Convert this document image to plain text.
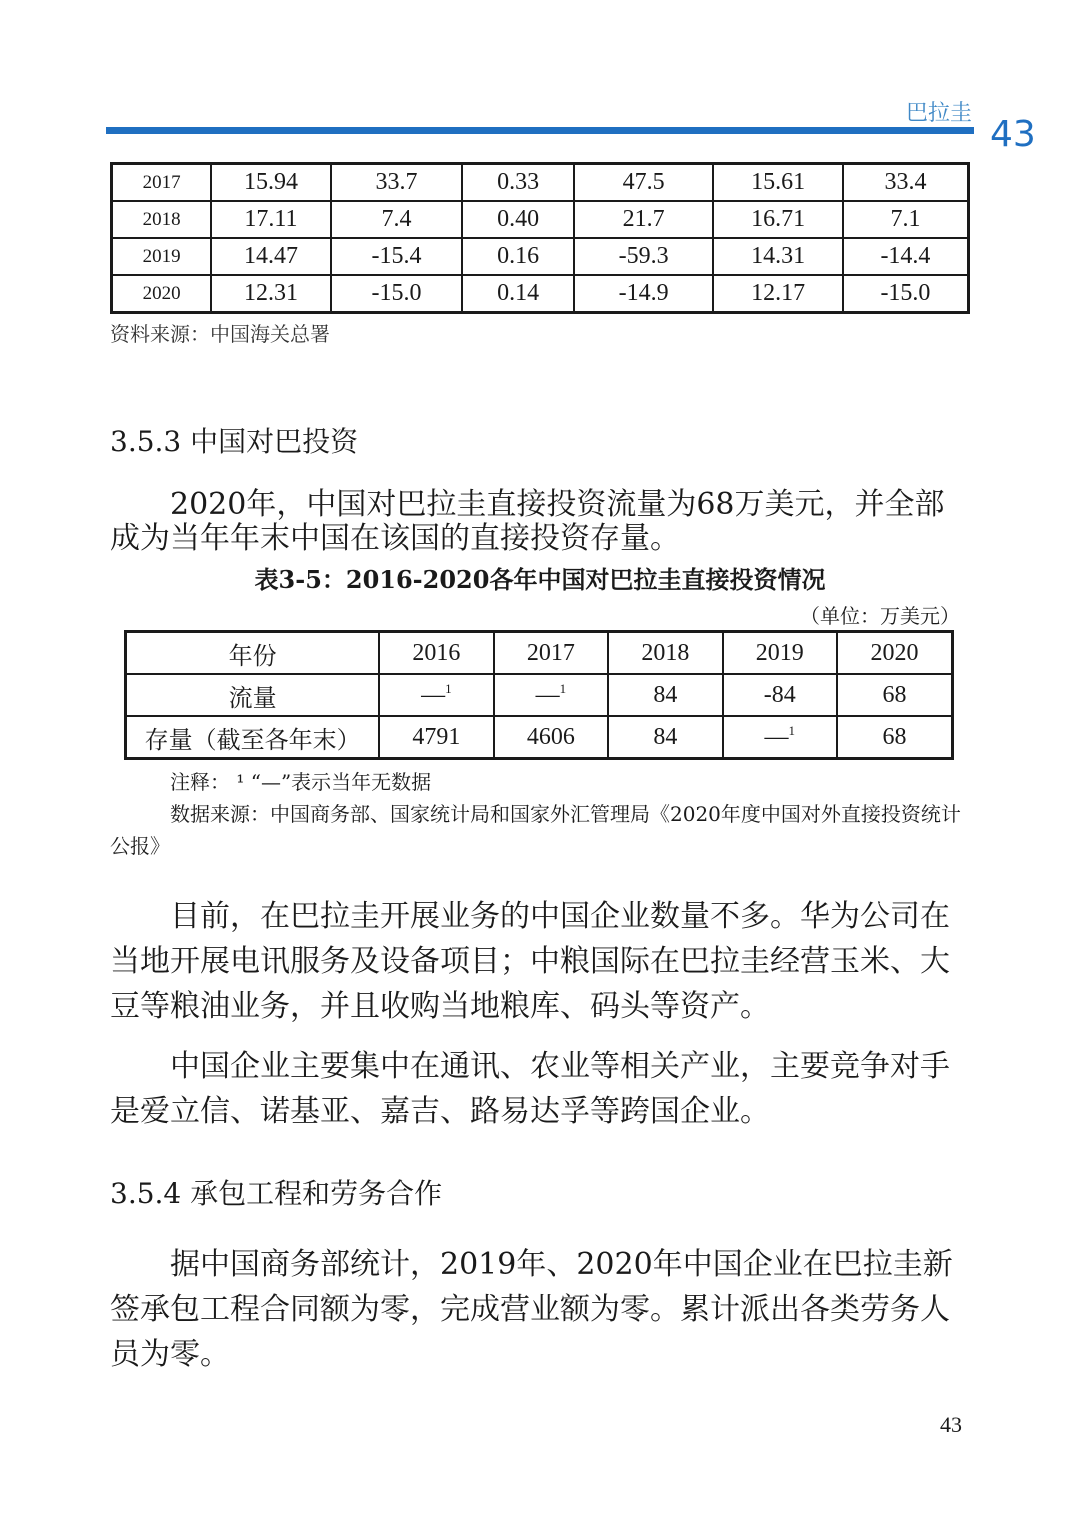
巴拉圭
43
2017	15.94	33.7	0.33	47.5	15.61	33.4
2018	17.11	7.4	0.40	21.7	16.71	7.1
2019	14.47	-15.4	0.16	-59.3	14.31	-14.4
2020	12.31	-15.0	0.14	-14.9	12.17	-15.0
资料来源：中国海关总署
3.5.3 中国对巴投资
2020年，中国对巴拉圭直接投资流量为68万美元，并全部成为当年年末中国在该国的直接投资存量。
表3-5：2016-2020各年中国对巴拉圭直接投资情况
（单位：万美元）
年份	2016	2017	2018	2019	2020
流量	—$^1$	—$^1$	84	-84	68
存量（截至各年末）	4791	4606	84	—$^1$	68
注释： ¹ “—”表示当年无数据
数据来源：中国商务部、国家统计局和国家外汇管理局《2020年度中国对外直接投资统计公报》
目前，在巴拉圭开展业务的中国企业数量不多。华为公司在当地开展电讯服务及设备项目；中粮国际在巴拉圭经营玉米、大豆等粮油业务，并且收购当地粮库、码头等资产。
中国企业主要集中在通讯、农业等相关产业，主要竞争对手是爱立信、诺基亚、嘉吉、路易达孚等跨国企业。
3.5.4 承包工程和劳务合作
据中国商务部统计，2019年、2020年中国企业在巴拉圭新签承包工程合同额为零，完成营业额为零。累计派出各类劳务人员为零。
43
